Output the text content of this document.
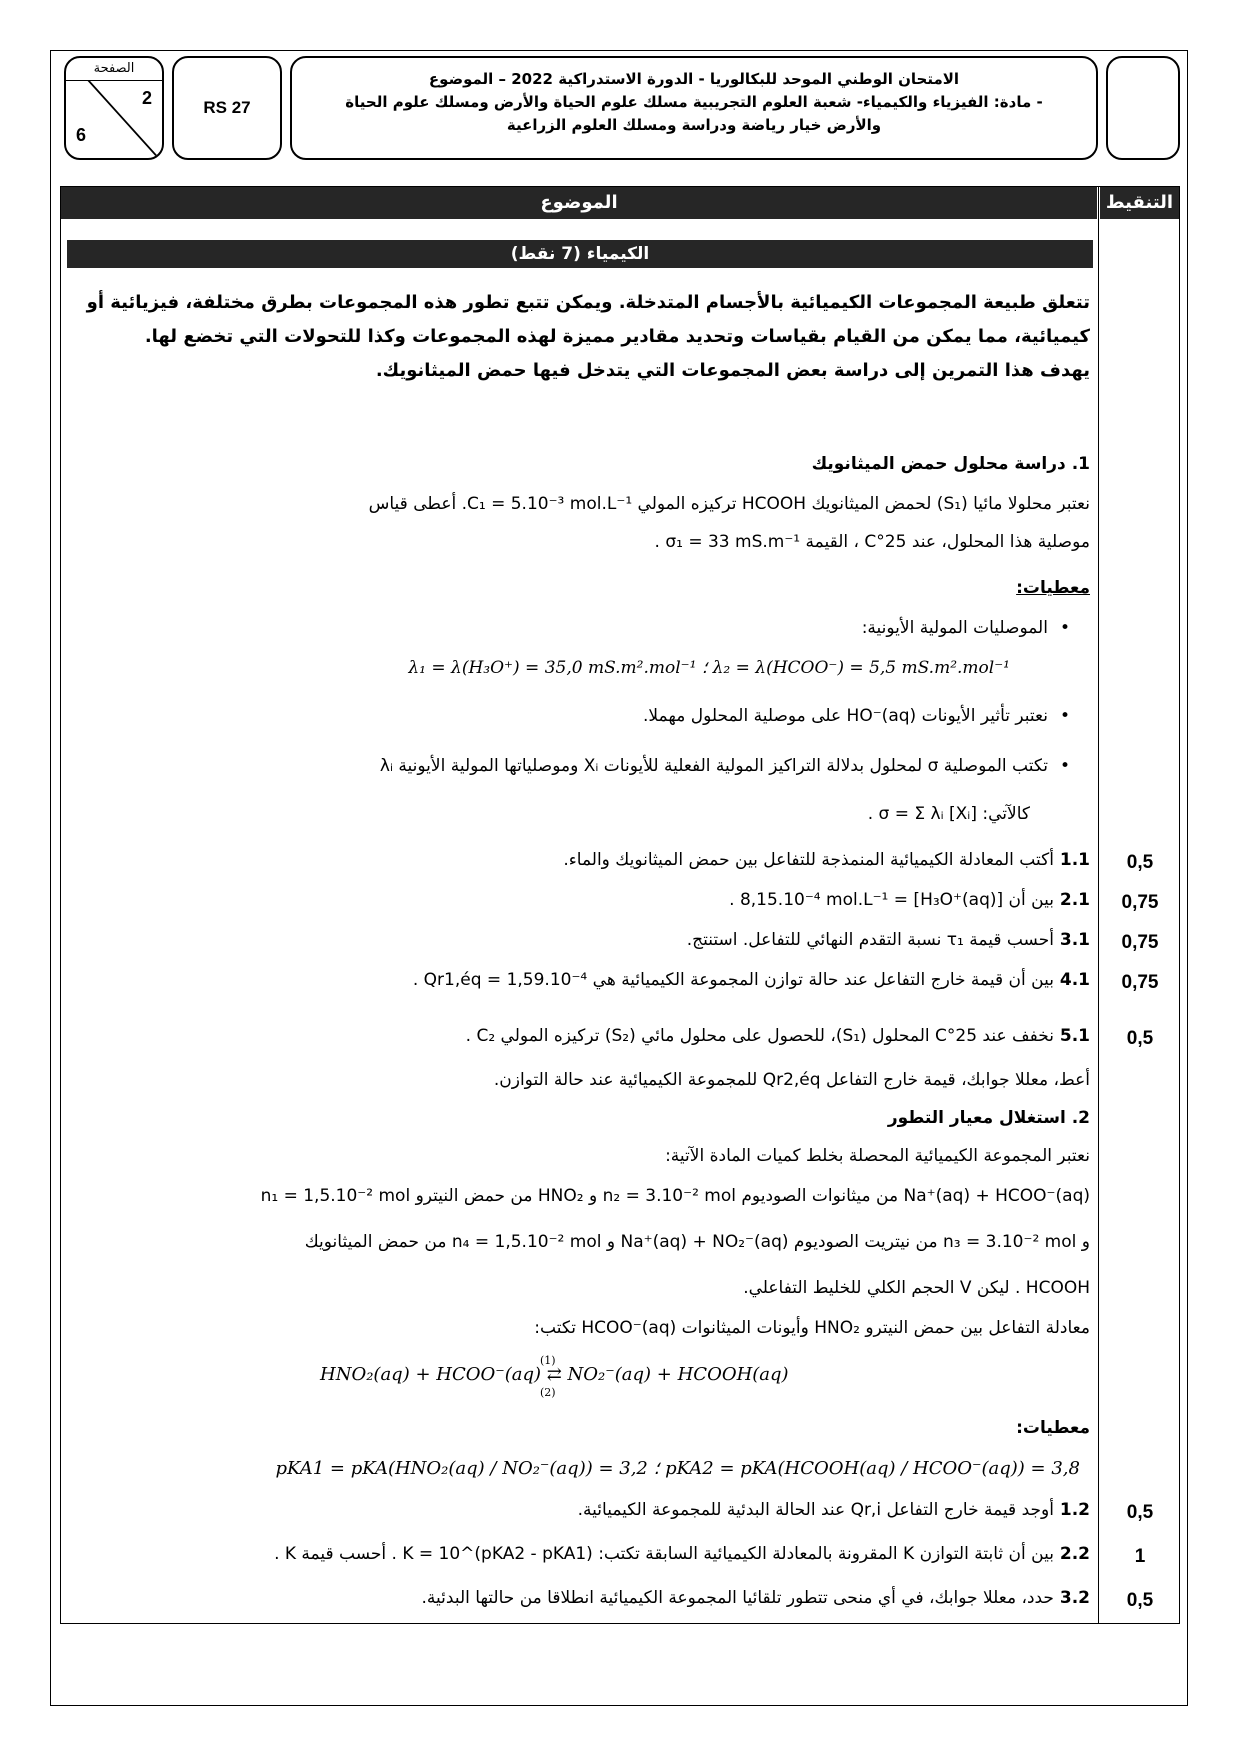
الصفحة
2
6
RS 27
الامتحان الوطني الموحد للبكالوريا - الدورة الاستدراكية 2022 – الموضوع
- مادة: الفيزياء والكيمياء- شعبة العلوم التجريبية مسلك علوم الحياة والأرض ومسلك علوم الحياة
والأرض خيار رياضة ودراسة ومسلك العلوم الزراعية
الموضوع	التنقيط
الكيمياء (7 نقط)
تتعلق طبيعة المجموعات الكيميائية بالأجسام المتدخلة. ويمكن تتبع تطور هذه المجموعات بطرق مختلفة، فيزيائية أو كيميائية، مما يمكن من القيام بقياسات وتحديد مقادير مميزة لهذه المجموعات وكذا للتحولات التي تخضع لها.
يهدف هذا التمرين إلى دراسة بعض المجموعات التي يتدخل فيها حمض الميثانويك.
1. دراسة محلول حمض الميثانويك
نعتبر محلولا مائيا (S₁) لحمض الميثانويك HCOOH تركيزه المولي C₁ = 5.10⁻³ mol.L⁻¹. أعطى قياس
موصلية هذا المحلول، عند 25°C ، القيمة σ₁ = 33 mS.m⁻¹ .
معطيات:
• الموصليات المولية الأيونية:
λ₂ = λ(HCOO⁻) = 5,5 mS.m².mol⁻¹ ؛ λ₁ = λ(H₃O⁺) = 35,0 mS.m².mol⁻¹
• نعتبر تأثير الأيونات HO⁻(aq) على موصلية المحلول مهملا.
• تكتب الموصلية σ لمحلول بدلالة التراكيز المولية الفعلية للأيونات Xᵢ وموصلياتها المولية الأيونية λᵢ
كالآتي: σ = Σ λᵢ [Xᵢ] .
1.1 أكتب المعادلة الكيميائية المنمذجة للتفاعل بين حمض الميثانويك والماء.	0,5
2.1 بين أن [H₃O⁺(aq)] = 8,15.10⁻⁴ mol.L⁻¹ .	0,75
3.1 أحسب قيمة τ₁ نسبة التقدم النهائي للتفاعل. استنتج.	0,75
4.1 بين أن قيمة خارج التفاعل عند حالة توازن المجموعة الكيميائية هي Qr1,éq = 1,59.10⁻⁴ .	0,75
5.1 نخفف عند 25°C المحلول (S₁)، للحصول على محلول مائي (S₂) تركيزه المولي C₂ .	0,5
أعط، معللا جوابك، قيمة خارج التفاعل Qr2,éq للمجموعة الكيميائية عند حالة التوازن.
2. استغلال معيار التطور
نعتبر المجموعة الكيميائية المحصلة بخلط كميات المادة الآتية:
Na⁺(aq) + HCOO⁻(aq) من ميثانوات الصوديوم n₂ = 3.10⁻² mol و HNO₂ من حمض النيترو n₁ = 1,5.10⁻² mol
و n₃ = 3.10⁻² mol من نيتريت الصوديوم Na⁺(aq) + NO₂⁻(aq) و n₄ = 1,5.10⁻² mol من حمض الميثانويك
HCOOH . ليكن V الحجم الكلي للخليط التفاعلي.
معادلة التفاعل بين حمض النيترو HNO₂ وأيونات الميثانوات HCOO⁻(aq) تكتب:
HNO₂(aq) + HCOO⁻(aq) ⇄ NO₂⁻(aq) + HCOOH(aq)
(1)
(2)
معطيات:
pKA2 = pKA(HCOOH(aq) / HCOO⁻(aq)) = 3,8 ؛ pKA1 = pKA(HNO₂(aq) / NO₂⁻(aq)) = 3,2
1.2 أوجد قيمة خارج التفاعل Qr,i عند الحالة البدئية للمجموعة الكيميائية.	0,5
2.2 بين أن ثابتة التوازن K المقرونة بالمعادلة الكيميائية السابقة تكتب: K = 10^(pKA2 - pKA1) . أحسب قيمة K .	1
3.2 حدد، معللا جوابك، في أي منحى تتطور تلقائيا المجموعة الكيميائية انطلاقا من حالتها البدئية.	0,5
